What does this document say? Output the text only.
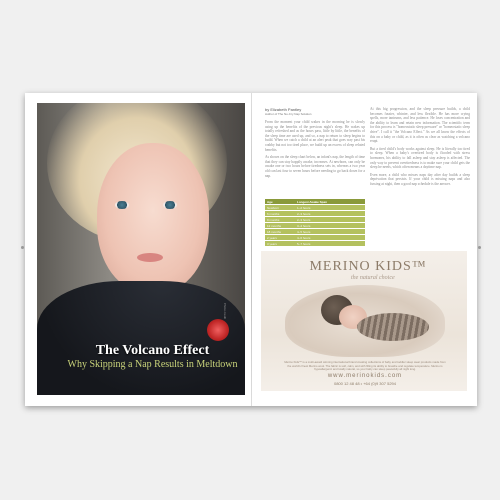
The Volcano Effect
Why Skipping a Nap Results in Meltdown
Photo credit
by Elizabeth Pantley
Author of The No-Cry Nap Solution

From the moment your child wakes in the morning he is slowly using up the benefits of the previous night's sleep. He wakes up totally refreshed and as the hours pass, little by little, the benefits of the sleep time are used up, and so, a nap to return to sleep begins to build. When we catch a child at an alert peak that goes way past his crabby but not too tired place, we build up an excess of sleep related benefits.

As shown on the sleep chart below, an infant's nap, the length of time that they can stay happily awake, increases. At newborn, can only be awake one or two hours before tiredness sets in, whereas a two year old can last four to seven hours before needing to go back down for a nap.

At this big progression, and the sleep pressure builds, a child becomes fussier, whinier, and less flexible. He has more crying spells, more tantrums, and less patience. He loses concentration and the ability to learn and retain new information. The scientific term for this process is "homeostatic sleep pressure" or "homeostatic sleep drive". I call it "the Volcano Effect." As we all know the effects of this on a baby or child, as it is often as clear as watching a volcano erupt.

But a tired child's body works against sleep. He is literally too tired to sleep. When a baby's overtired body is flooded with stress hormones, his ability to fall asleep and stay asleep is affected. The only way to prevent overtiredness is to make sure your child gets the sleep he needs, which often means a daytime nap.

Even more, a child who misses naps day after day builds a sleep deprivation that persists. If your child is missing naps and also fussing at night, then a good nap schedule is the answer.

Age	Longest Awake Span
Newborn	1–2 hours
6 months	2–3 hours
9 months	2–3 hours
12 months	3–4 hours
18 months	4–5 hours
2 years	4–6 hours
3 years	5–7 hours
MERINO KIDS™
the natural choice
Merino Kids™ is a multi-award winning international brand creating collections of baby and toddler sleep wear products made from the world's finest Merino wool. The fabric is soft, calm, and with filling its ability to breathe and regulate temperature. Merino is hypoallergenic and totally natural, so your baby can sleep peacefully all night long.
www.merinokids.com
0800 12 48 48 • +64 (0)9 307 5294
